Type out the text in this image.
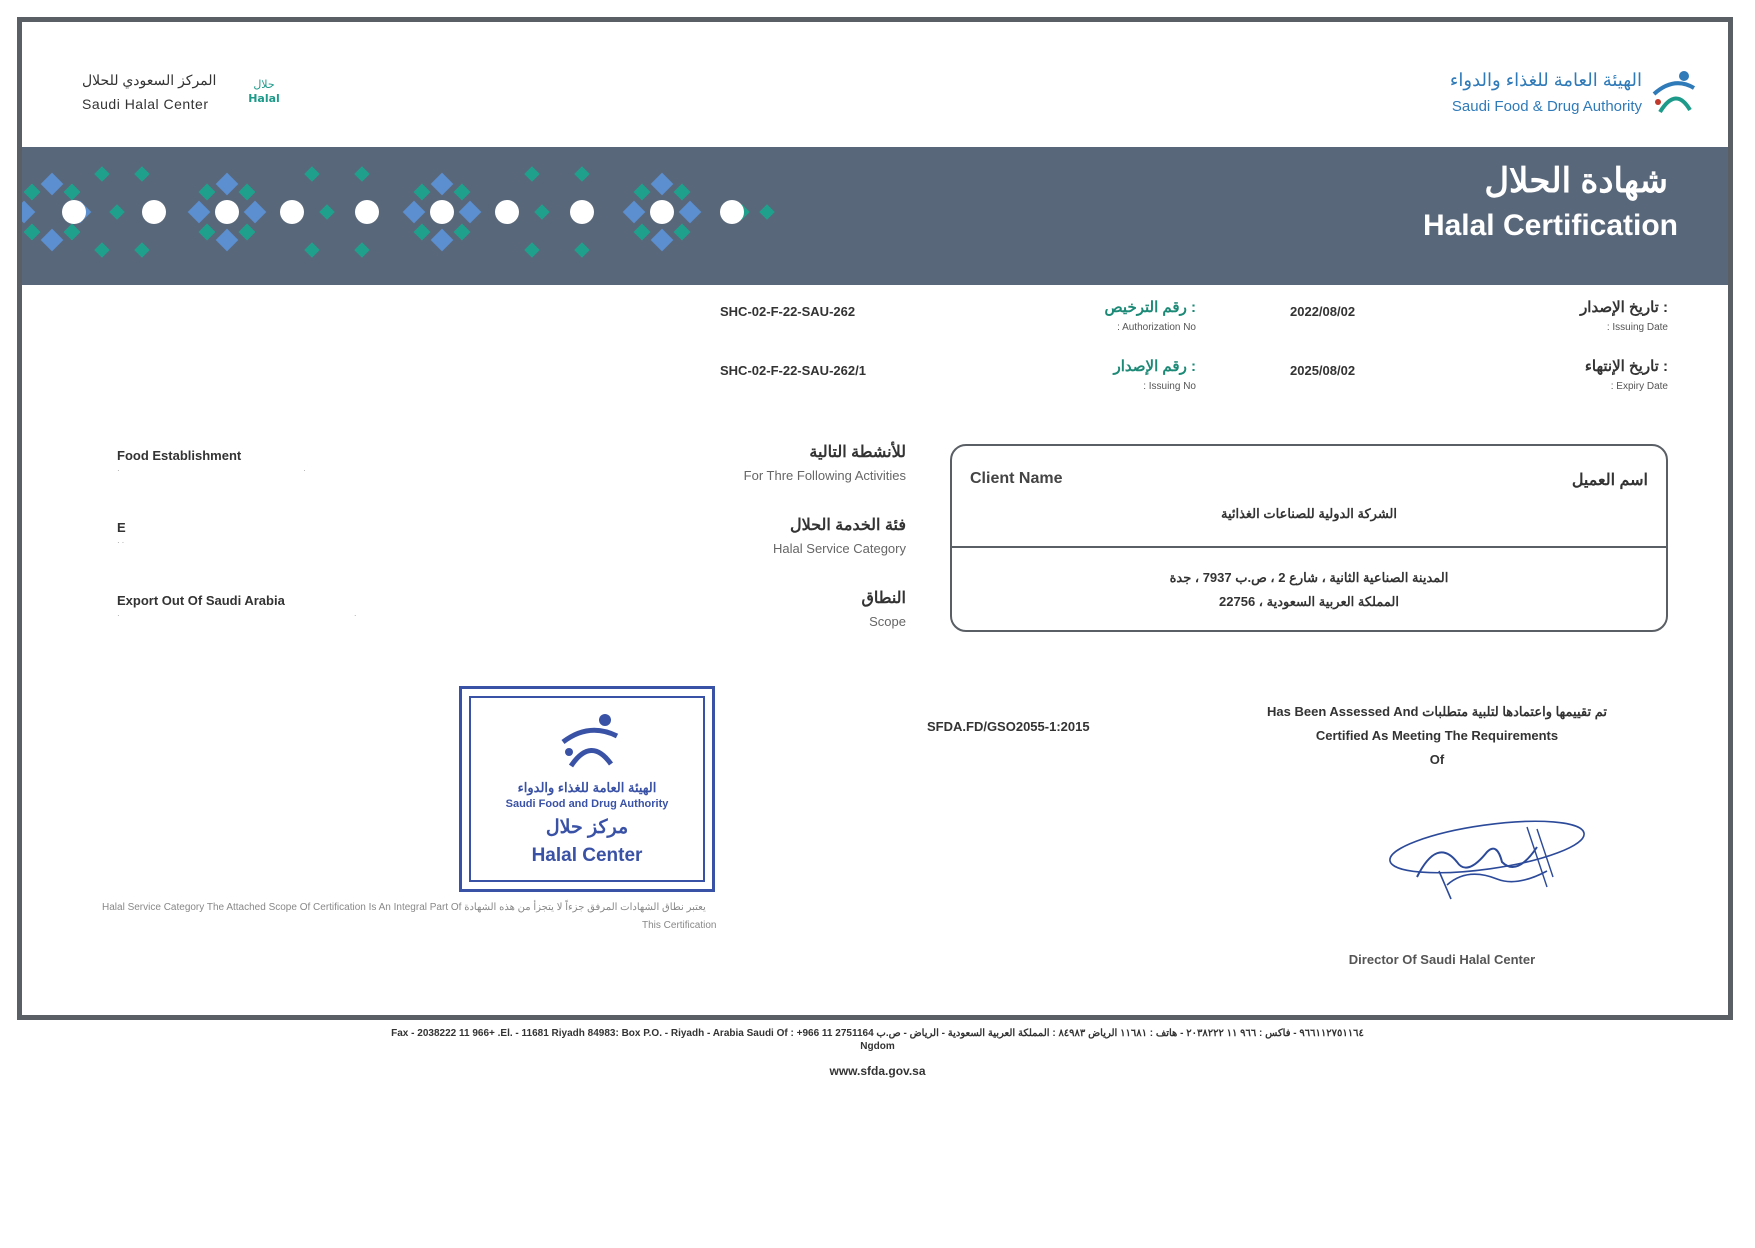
المركز السعودي للحلال
Saudi Halal Center
حلال
Halal
الهيئة العامة للغذاء والدواء
Saudi Food & Drug Authority
شهادة الحلال
Halal Certification
SHC-02-F-22-SAU-262	رقم الترخيص :
: Authorization No
2022/08/02	تاريخ الإصدار :
: Issuing Date
SHC-02-F-22-SAU-262/1	رقم الإصدار :
: Issuing No
2025/08/02	تاريخ الإنتهاء :
: Expiry Date
Food Establishment
·                                           ·
للأنشطة التالية
For Thre Following Activities
E
··
فئة الخدمة الحلال
Halal Service Category
Export Out Of Saudi Arabia
·                                                       ·
النطاق
Scope
Client Name	اسم العميل
الشركة الدولية للصناعات الغذائية
المدينة الصناعية الثانية ، شارع 2 ، ص.ب 7937 ، جدة
22756 ، المملكة العربية السعودية
الهيئة العامة للغذاء والدواء
Saudi Food and Drug Authority
مركز حلال
Halal Center
Halal Service Category The Attached Scope Of Certification Is An Integral Part Of يعتبر نطاق الشهادات المرفق جزءاً لا يتجزأ من هذه الشهادة
This Certification
SFDA.FD/GSO2055-1:2015
Has Been Assessed And تم تقييمها واعتمادها لتلبية متطلبات
Certified As Meeting The Requirements
Of
Director Of Saudi Halal Center
Fax - 2038222 11 966+ .El. - 11681 Riyadh 84983: Box P.O. - Riyadh - Arabia Saudi Of : +966 11 2751164 ٩٦٦١١٢٧٥١١٦٤ - فاكس : ٩٦٦ ١١ ٢٠٣٨٢٢٢ - هاتف : ١١٦٨١ الرياض ٨٤٩٨٣ : المملكة العربية السعودية - الرياض - ص.ب
Ngdom
www.sfda.gov.sa
